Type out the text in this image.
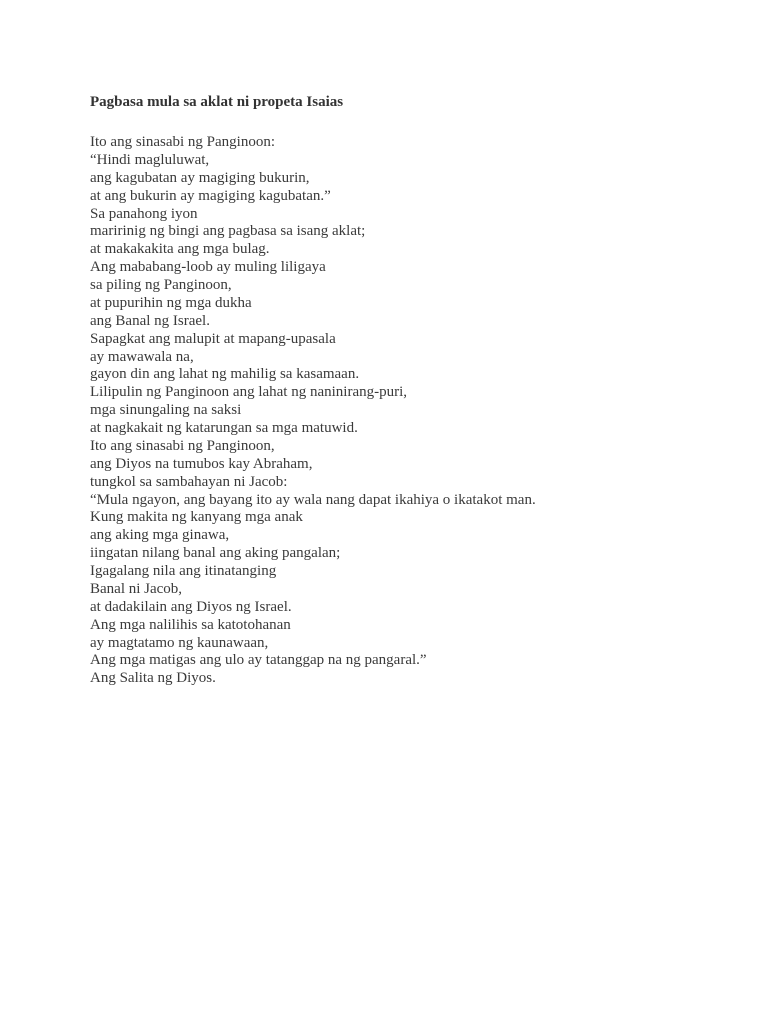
Pagbasa mula sa aklat ni propeta Isaias
Ito ang sinasabi ng Panginoon:
“Hindi magluluwat,
ang kagubatan ay magiging bukurin,
at ang bukurin ay magiging kagubatan.”
Sa panahong iyon
maririnig ng bingi ang pagbasa sa isang aklat;
at makakakita ang mga bulag.
Ang mababang-loob ay muling liligaya
sa piling ng Panginoon,
at pupurihin ng mga dukha
ang Banal ng Israel.
Sapagkat ang malupit at mapang-upasala
ay mawawala na,
gayon din ang lahat ng mahilig sa kasamaan.
Lilipulin ng Panginoon ang lahat ng naninirang-puri,
mga sinungaling na saksi
at nagkakait ng katarungan sa mga matuwid.
Ito ang sinasabi ng Panginoon,
ang Diyos na tumubos kay Abraham,
tungkol sa sambahayan ni Jacob:
“Mula ngayon, ang bayang ito ay wala nang dapat ikahiya o ikatakot man.
Kung makita ng kanyang mga anak
ang aking mga ginawa,
iingatan nilang banal ang aking pangalan;
Igagalang nila ang itinatanging
Banal ni Jacob,
at dadakilain ang Diyos ng Israel.
Ang mga nalilihis sa katotohanan
ay magtatamo ng kaunawaan,
Ang mga matigas ang ulo ay tatanggap na ng pangaral.”
Ang Salita ng Diyos.
